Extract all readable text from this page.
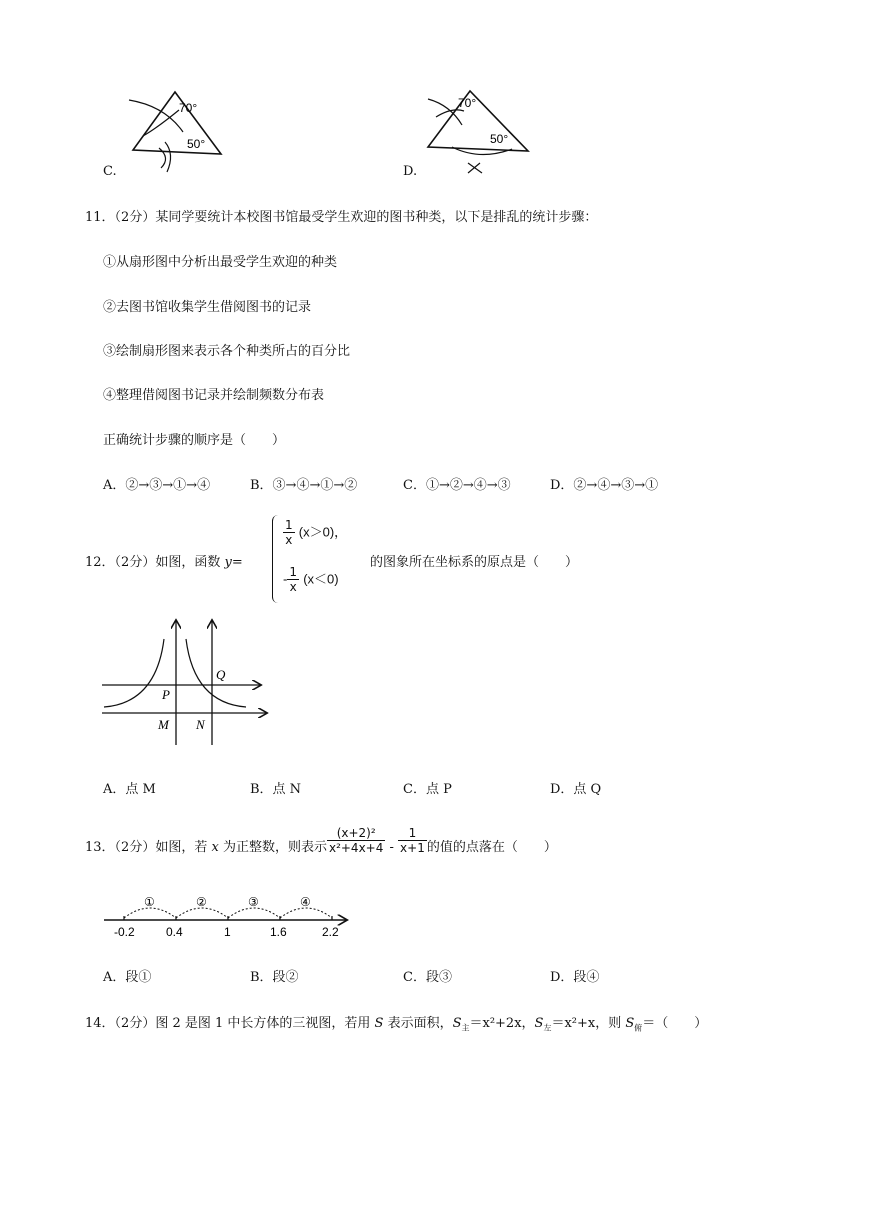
70°
50°
C.
70°
50°
D.
11．（2分）某同学要统计本校图书馆最受学生欢迎的图书种类，以下是排乱的统计步骤：
①从扇形图中分析出最受学生欢迎的种类
②去图书馆收集学生借阅图书的记录
③绘制扇形图来表示各个种类所占的百分比
④整理借阅图书记录并绘制频数分布表
正确统计步骤的顺序是（　　）
A．②→③→①→④	B．③→④→①→②	C．①→②→④→③	D．②→④→③→①
12．（2分）如图，函数 y=
$\frac{1}{x} (x>0)$，
- $\frac{1}{x} (x<0)$
的图象所在坐标系的原点是（　　）
Q
P
M N
A．点 M	B．点 N	C．点 P	D．点 Q
13．（2分）如图，若 x 为正整数，则表示 $\frac{\text{(x+2)²}}{\text{x²+4x+4}} - \frac{1}{x+1}$ 的值的点落在（　　）
①	②	③	④
-0.2	0.4	1	1.6	2.2
A．段①	B．段②	C．段③	D．段④
14．（2分）图 2 是图 1 中长方体的三视图，若用 S 表示面积，$S_主=x^2+2x$，$S_左=x^2+x$，则 $S_俯=$（　　）
